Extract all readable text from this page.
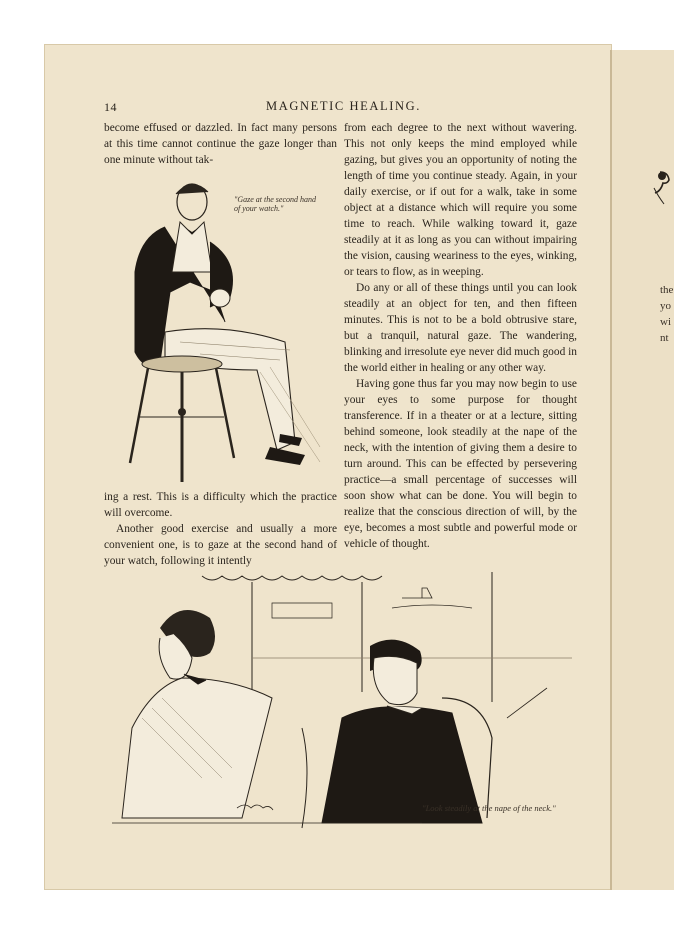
the
yo
wi
nt
14	MAGNETIC HEALING.

become effused or dazzled. In fact many persons at this time cannot continue the gaze longer than one minute without tak-

"Gaze at the second hand of your watch."

ing a rest. This is a difficulty which the practice will overcome.

Another good exercise and usually a more convenient one, is to gaze at the second hand of your watch, following it intently

from each degree to the next without wavering. This not only keeps the mind employed while gazing, but gives you an opportunity of noting the length of time you continue steady. Again, in your daily exercise, or if out for a walk, take in some object at a distance which will require you some time to reach. While walking toward it, gaze steadily at it as long as you can without impairing the vision, causing weariness to the eyes, winking, or tears to flow, as in weeping.

Do any or all of these things until you can look steadily at an object for ten, and then fifteen minutes. This is not to be a bold obtrusive stare, but a tranquil, natural gaze. The wandering, blinking and irresolute eye never did much good in the world either in healing or any other way.

Having gone thus far you may now begin to use your eyes to some purpose for thought transference. If in a theater or at a lecture, sitting behind someone, look steadily at the nape of the neck, with the intention of giving them a desire to turn around. This can be effected by persevering practice—a small percentage of successes will soon show what can be done. You will begin to realize that the conscious direction of will, by the eye, becomes a most subtle and powerful mode or vehicle of thought.

"Look steadily at the nape of the neck."
